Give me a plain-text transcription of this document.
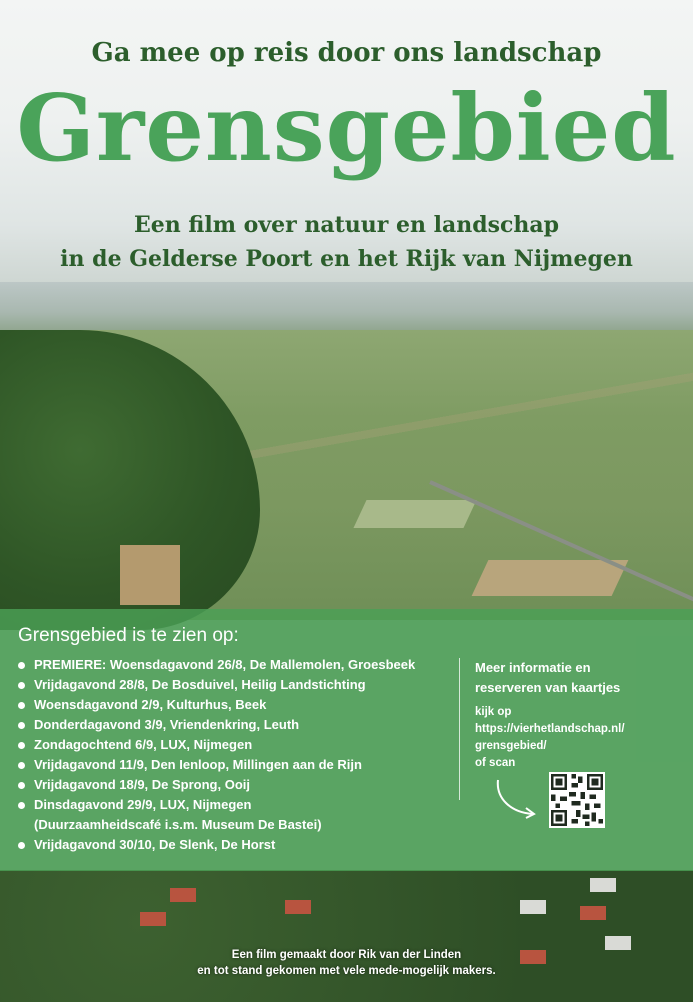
Ga mee op reis door ons landschap
Grensgebied
Een film over natuur en landschap
in de Gelderse Poort en het Rijk van Nijmegen
Grensgebied is te zien op:
PREMIERE: Woensdagavond 26/8, De Mallemolen, Groesbeek
Vrijdagavond 28/8, De Bosduivel, Heilig Landstichting
Woensdagavond 2/9, Kulturhus, Beek
Donderdagavond 3/9, Vriendenkring, Leuth
Zondagochtend 6/9, LUX, Nijmegen
Vrijdagavond 11/9, Den Ienloop, Millingen aan de Rijn
Vrijdagavond 18/9, De Sprong, Ooij
Dinsdagavond 29/9, LUX, Nijmegen
(Duurzaamheidscafé i.s.m. Museum De Bastei)
Vrijdagavond 30/10, De Slenk, De Horst
Meer informatie en
reserveren van kaartjes
kijk op
https://vierhetlandschap.nl/
grensgebied/
of scan
Een film gemaakt door Rik van der Linden
en tot stand gekomen met vele mede-mogelijk makers.
